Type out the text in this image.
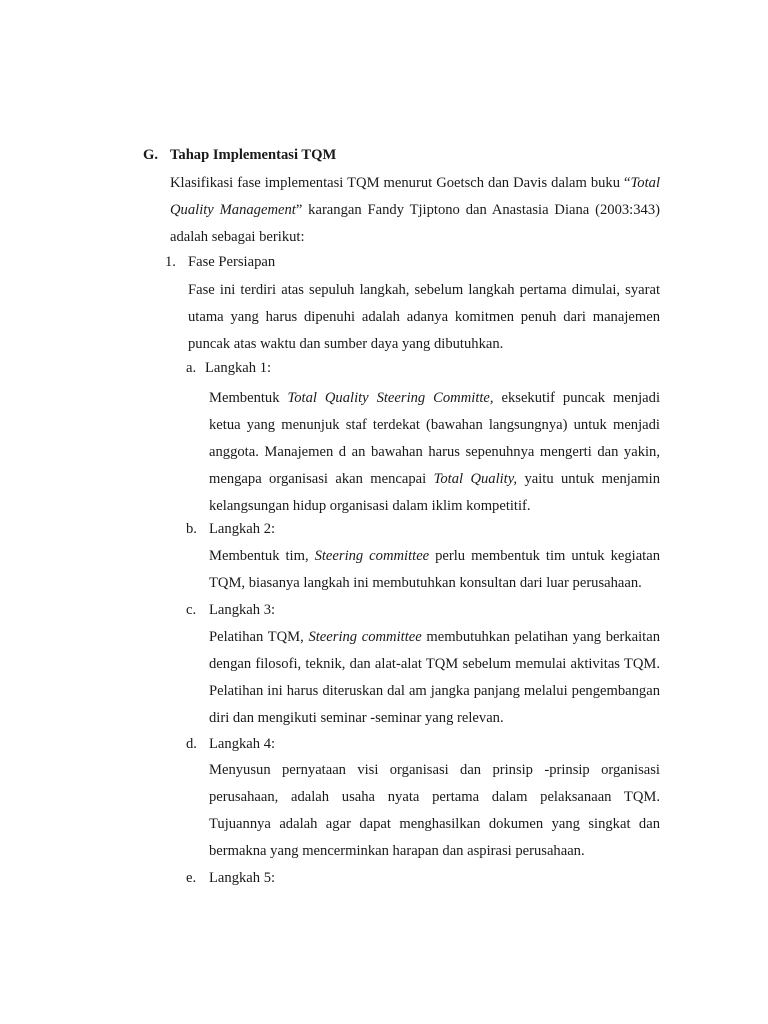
G. Tahap Implementasi TQM

Klasifikasi fase implementasi TQM menurut Goetsch dan Davis dalam buku “Total Quality Management” karangan Fandy Tjiptono dan Anastasia Diana (2003:343) adalah sebagai berikut:

1. Fase Persiapan

Fase ini terdiri atas sepuluh langkah, sebelum langkah pertama dimulai, syarat utama yang harus dipenuhi adalah adanya komitmen penuh dari manajemen puncak atas waktu dan sumber daya yang dibutuhkan.

a. Langkah 1:

Membentuk Total Quality Steering Committe, eksekutif puncak menjadi ketua yang menunjuk staf terdekat (bawahan langsungnya) untuk menjadi anggota. Manajemen d an bawahan harus sepenuhnya mengerti dan yakin, mengapa organisasi akan mencapai Total Quality, yaitu untuk menjamin kelangsungan hidup organisasi dalam iklim kompetitif.

b. Langkah 2:

Membentuk tim, Steering committee perlu membentuk tim untuk kegiatan TQM, biasanya langkah ini membutuhkan konsultan dari luar perusahaan.

c. Langkah 3:

Pelatihan TQM, Steering committee membutuhkan pelatihan yang berkaitan dengan filosofi, teknik, dan alat-alat TQM sebelum memulai aktivitas TQM. Pelatihan ini harus diteruskan dal am jangka panjang melalui pengembangan diri dan mengikuti seminar -seminar yang relevan.

d. Langkah 4:

Menyusun pernyataan visi organisasi dan prinsip -prinsip organisasi perusahaan, adalah usaha nyata pertama dalam pelaksanaan TQM. Tujuannya adalah agar dapat menghasilkan dokumen yang singkat dan bermakna yang mencerminkan harapan dan aspirasi perusahaan.

e. Langkah 5:
